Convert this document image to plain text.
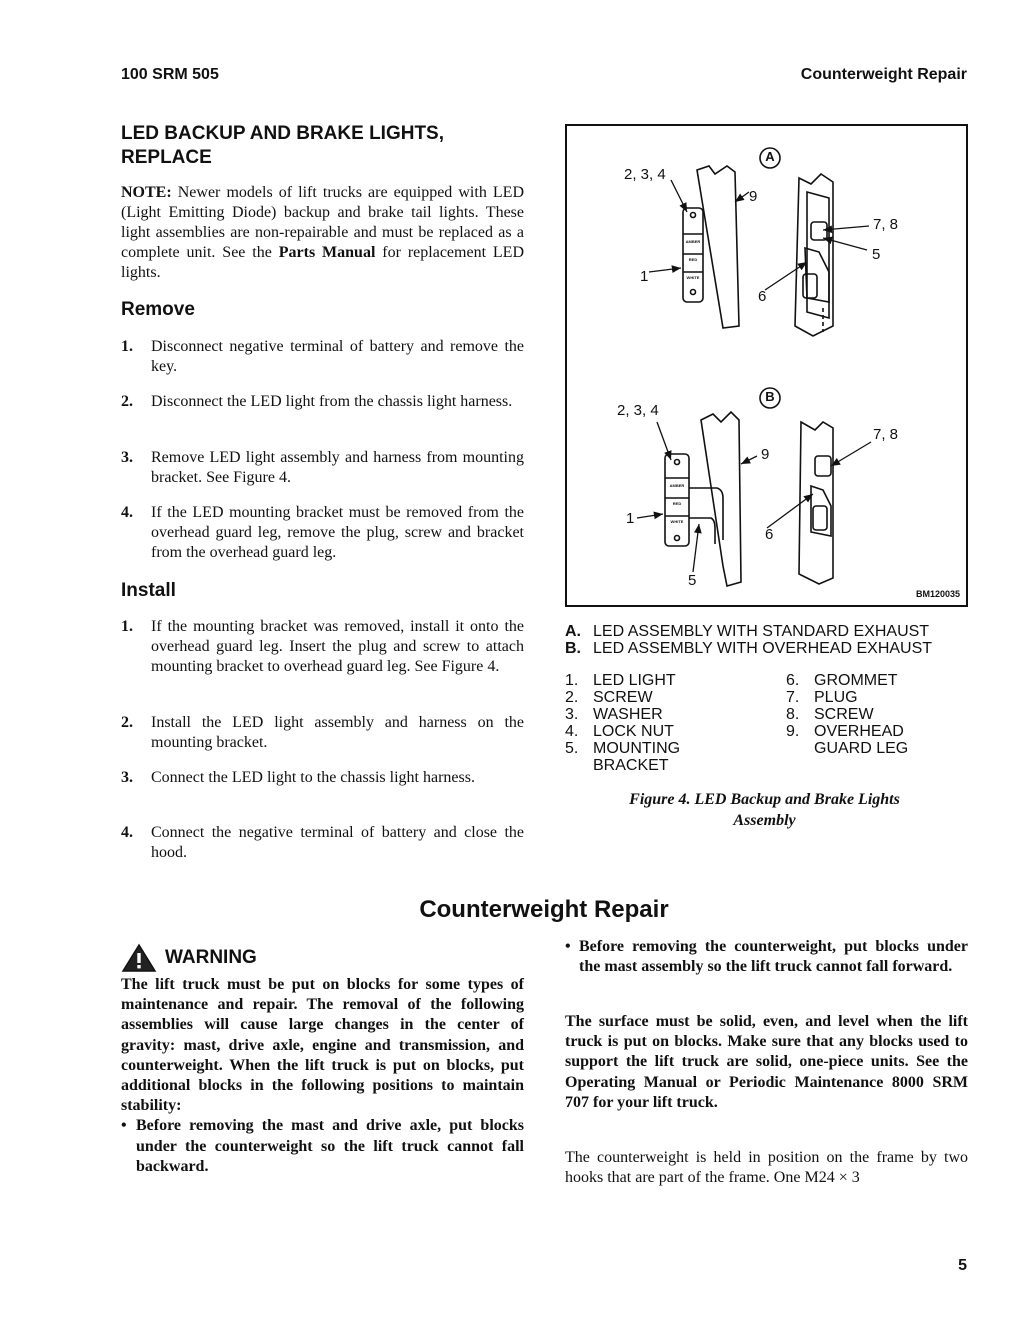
100 SRM 505	Counterweight Repair
LED BACKUP AND BRAKE LIGHTS,
REPLACE
NOTE: Newer models of lift trucks are equipped with LED (Light Emitting Diode) backup and brake tail lights. These light assemblies are non-repairable and must be replaced as a complete unit. See the Parts Manual for replacement LED lights.
Remove
1. Disconnect negative terminal of battery and remove the key.
2. Disconnect the LED light from the chassis light harness.
3. Remove LED light assembly and harness from mounting bracket. See Figure 4.
4. If the LED mounting bracket must be removed from the overhead guard leg, remove the plug, screw and bracket from the overhead guard leg.
Install
1. If the mounting bracket was removed, install it onto the overhead guard leg. Insert the plug and screw to attach mounting bracket to overhead guard leg. See Figure 4.
2. Install the LED light assembly and harness on the mounting bracket.
3. Connect the LED light to the chassis light harness.
4. Connect the negative terminal of battery and close the hood.
A
B
2, 3, 4
9
7, 8
5
1
6
2, 3, 4
7, 8
9
1
6
5
AMBER
RED
WHITE
AMBER
RED
WHITE
BM120035
A. LED ASSEMBLY WITH STANDARD EXHAUST
B. LED ASSEMBLY WITH OVERHEAD EXHAUST
1. LED LIGHT
2. SCREW
3. WASHER
4. LOCK NUT
5. MOUNTING
BRACKET
6. GROMMET
7. PLUG
8. SCREW
9. OVERHEAD
GUARD LEG
Figure 4. LED Backup and Brake Lights
Assembly
Counterweight Repair
WARNING
The lift truck must be put on blocks for some types of maintenance and repair. The removal of the following assemblies will cause large changes in the center of gravity: mast, drive axle, engine and transmission, and counterweight. When the lift truck is put on blocks, put additional blocks in the following positions to maintain stability:
• Before removing the mast and drive axle, put blocks under the counterweight so the lift truck cannot fall backward.
• Before removing the counterweight, put blocks under the mast assembly so the lift truck cannot fall forward.
The surface must be solid, even, and level when the lift truck is put on blocks. Make sure that any blocks used to support the lift truck are solid, one-piece units. See the Operating Manual or Periodic Maintenance 8000 SRM 707 for your lift truck.
The counterweight is held in position on the frame by two hooks that are part of the frame. One M24 × 3
5
